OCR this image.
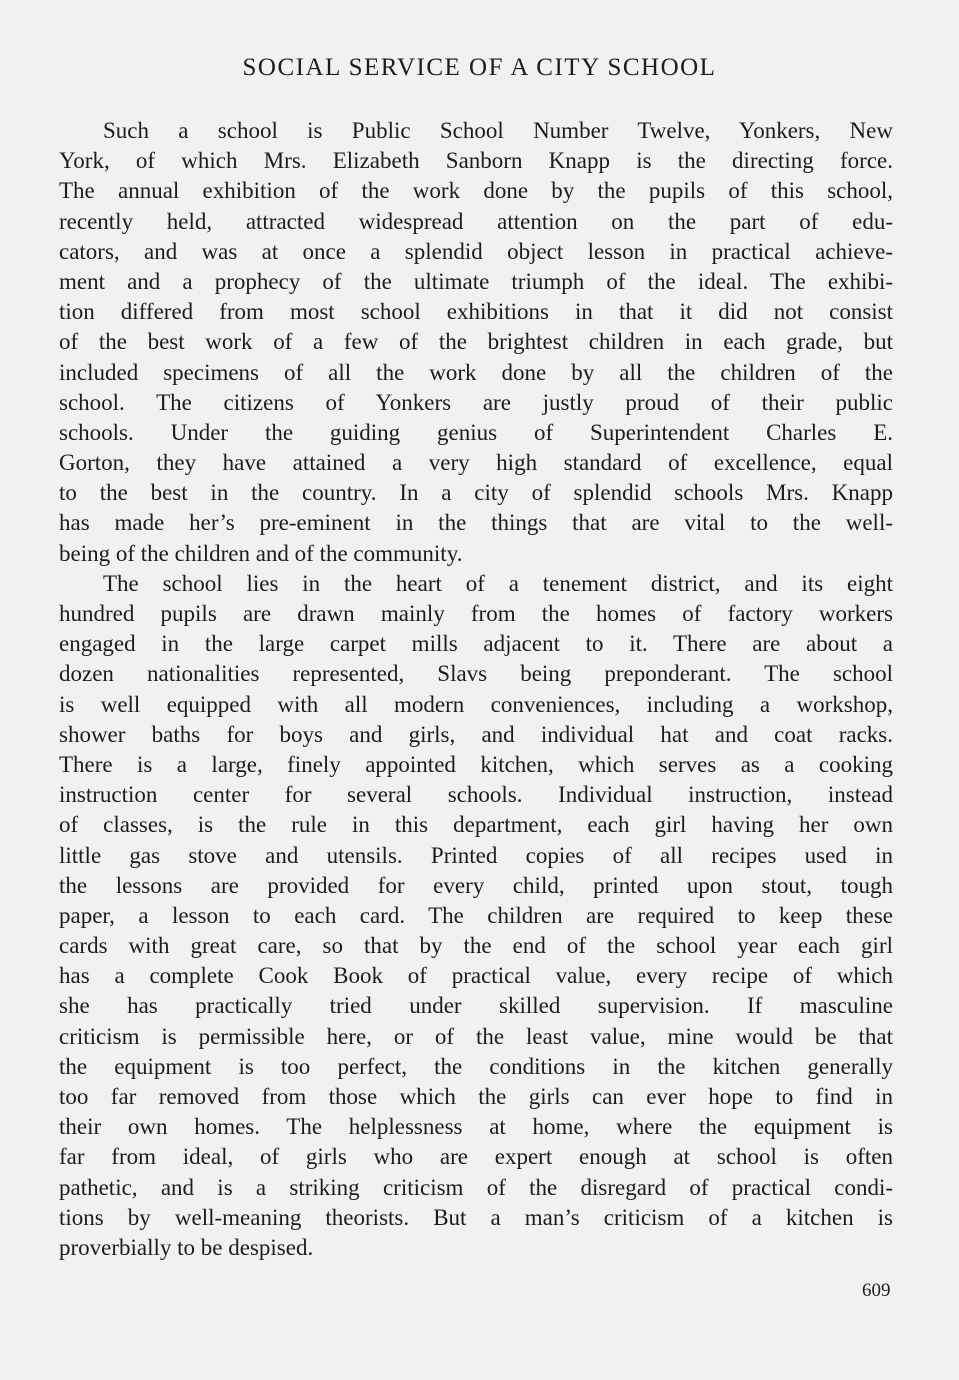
SOCIAL SERVICE OF A CITY SCHOOL
Such a school is Public School Number Twelve, Yonkers, New
York, of which Mrs. Elizabeth Sanborn Knapp is the directing force.
The annual exhibition of the work done by the pupils of this school,
recently held, attracted widespread attention on the part of edu-
cators, and was at once a splendid object lesson in practical achieve-
ment and a prophecy of the ultimate triumph of the ideal. The exhibi-
tion differed from most school exhibitions in that it did not consist
of the best work of a few of the brightest children in each grade, but
included specimens of all the work done by all the children of the
school. The citizens of Yonkers are justly proud of their public
schools. Under the guiding genius of Superintendent Charles E.
Gorton, they have attained a very high standard of excellence, equal
to the best in the country. In a city of splendid schools Mrs. Knapp
has made her’s pre-eminent in the things that are vital to the well-
being of the children and of the community.
The school lies in the heart of a tenement district, and its eight
hundred pupils are drawn mainly from the homes of factory workers
engaged in the large carpet mills adjacent to it. There are about a
dozen nationalities represented, Slavs being preponderant. The school
is well equipped with all modern conveniences, including a workshop,
shower baths for boys and girls, and individual hat and coat racks.
There is a large, finely appointed kitchen, which serves as a cooking
instruction center for several schools. Individual instruction, instead
of classes, is the rule in this department, each girl having her own
little gas stove and utensils. Printed copies of all recipes used in
the lessons are provided for every child, printed upon stout, tough
paper, a lesson to each card. The children are required to keep these
cards with great care, so that by the end of the school year each girl
has a complete Cook Book of practical value, every recipe of which
she has practically tried under skilled supervision. If masculine
criticism is permissible here, or of the least value, mine would be that
the equipment is too perfect, the conditions in the kitchen generally
too far removed from those which the girls can ever hope to find in
their own homes. The helplessness at home, where the equipment is
far from ideal, of girls who are expert enough at school is often
pathetic, and is a striking criticism of the disregard of practical condi-
tions by well-meaning theorists. But a man’s criticism of a kitchen is
proverbially to be despised.
609
